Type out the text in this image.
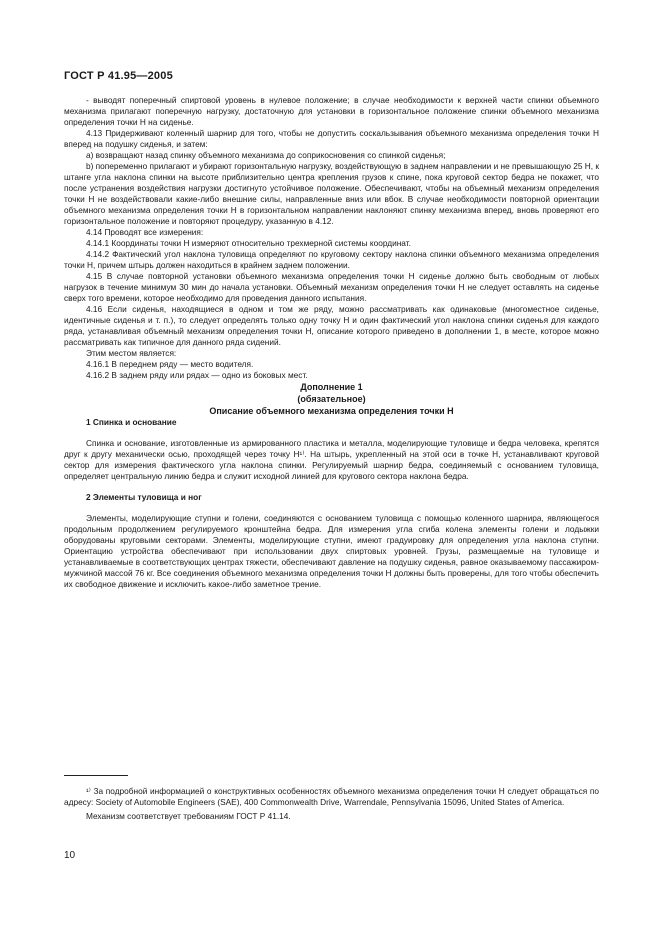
ГОСТ Р 41.95—2005

- выводят поперечный спиртовой уровень в нулевое положение; в случае необходимости к верхней части спинки объемного механизма прилагают поперечную нагрузку, достаточную для установки в горизонтальное положение спинки объемного механизма определения точки H на сиденье.

4.13 Придерживают коленный шарнир для того, чтобы не допустить соскальзывания объемного механизма определения точки H вперед на подушку сиденья, и затем:

а) возвращают назад спинку объемного механизма до соприкосновения со спинкой сиденья;

b) попеременно прилагают и убирают горизонтальную нагрузку, воздействующую в заднем направлении и не превышающую 25 Н, к штанге угла наклона спинки на высоте приблизительно центра крепления грузов к спине, пока круговой сектор бедра не покажет, что после устранения воздействия нагрузки достигнуто устойчивое положение. Обеспечивают, чтобы на объемный механизм определения точки H не воздействовали какие-либо внешние силы, направленные вниз или вбок. В случае необходимости повторной ориентации объемного механизма определения точки H в горизонтальном направлении наклоняют спинку механизма вперед, вновь проверяют его горизонтальное положение и повторяют процедуру, указанную в 4.12.

4.14 Проводят все измерения:

4.14.1 Координаты точки H измеряют относительно трехмерной системы координат.

4.14.2 Фактический угол наклона туловища определяют по круговому сектору наклона спинки объемного механизма определения точки H, причем штырь должен находиться в крайнем заднем положении.

4.15 В случае повторной установки объемного механизма определения точки H сиденье должно быть свободным от любых нагрузок в течение минимум 30 мин до начала установки. Объемный механизм определения точки H не следует оставлять на сиденье сверх того времени, которое необходимо для проведения данного испытания.

4.16 Если сиденья, находящиеся в одном и том же ряду, можно рассматривать как одинаковые (многоместное сиденье, идентичные сиденья и т. п.), то следует определять только одну точку H и один фактический угол наклона спинки сиденья для каждого ряда, устанавливая объемный механизм определения точки H, описание которого приведено в дополнении 1, в месте, которое можно рассматривать как типичное для данного ряда сидений.

Этим местом является:

4.16.1 В переднем ряду — место водителя.

4.16.2 В заднем ряду или рядах — одно из боковых мест.

Дополнение 1

(обязательное)

Описание объемного механизма определения точки H

1 Спинка и основание

Спинка и основание, изготовленные из армированного пластика и металла, моделирующие туловище и бедра человека, крепятся друг к другу механически осью, проходящей через точку H¹⁾. На штырь, укрепленный на этой оси в точке H, устанавливают круговой сектор для измерения фактического угла наклона спинки. Регулируемый шарнир бедра, соединяемый с основанием туловища, определяет центральную линию бедра и служит исходной линией для кругового сектора наклона бедра.

2 Элементы туловища и ног

Элементы, моделирующие ступни и голени, соединяются с основанием туловища с помощью коленного шарнира, являющегося продольным продолжением регулируемого кронштейна бедра. Для измерения угла сгиба колена элементы голени и лодыжки оборудованы круговыми секторами. Элементы, моделирующие ступни, имеют градуировку для определения угла наклона ступни. Ориентацию устройства обеспечивают при использовании двух спиртовых уровней. Грузы, размещаемые на туловище и устанавливаемые в соответствующих центрах тяжести, обеспечивают давление на подушку сиденья, равное оказываемому пассажиром-мужчиной массой 76 кг. Все соединения объемного механизма определения точки H должны быть проверены, для того чтобы обеспечить их свободное движение и исключить какое-либо заметное трение.

¹⁾ За подробной информацией о конструктивных особенностях объемного механизма определения точки H следует обращаться по адресу: Society of Automobile Engineers (SAE), 400 Commonwealth Drive, Warrendale, Pennsylvania 15096, United States of America.

Механизм соответствует требованиям ГОСТ Р 41.14.

10
